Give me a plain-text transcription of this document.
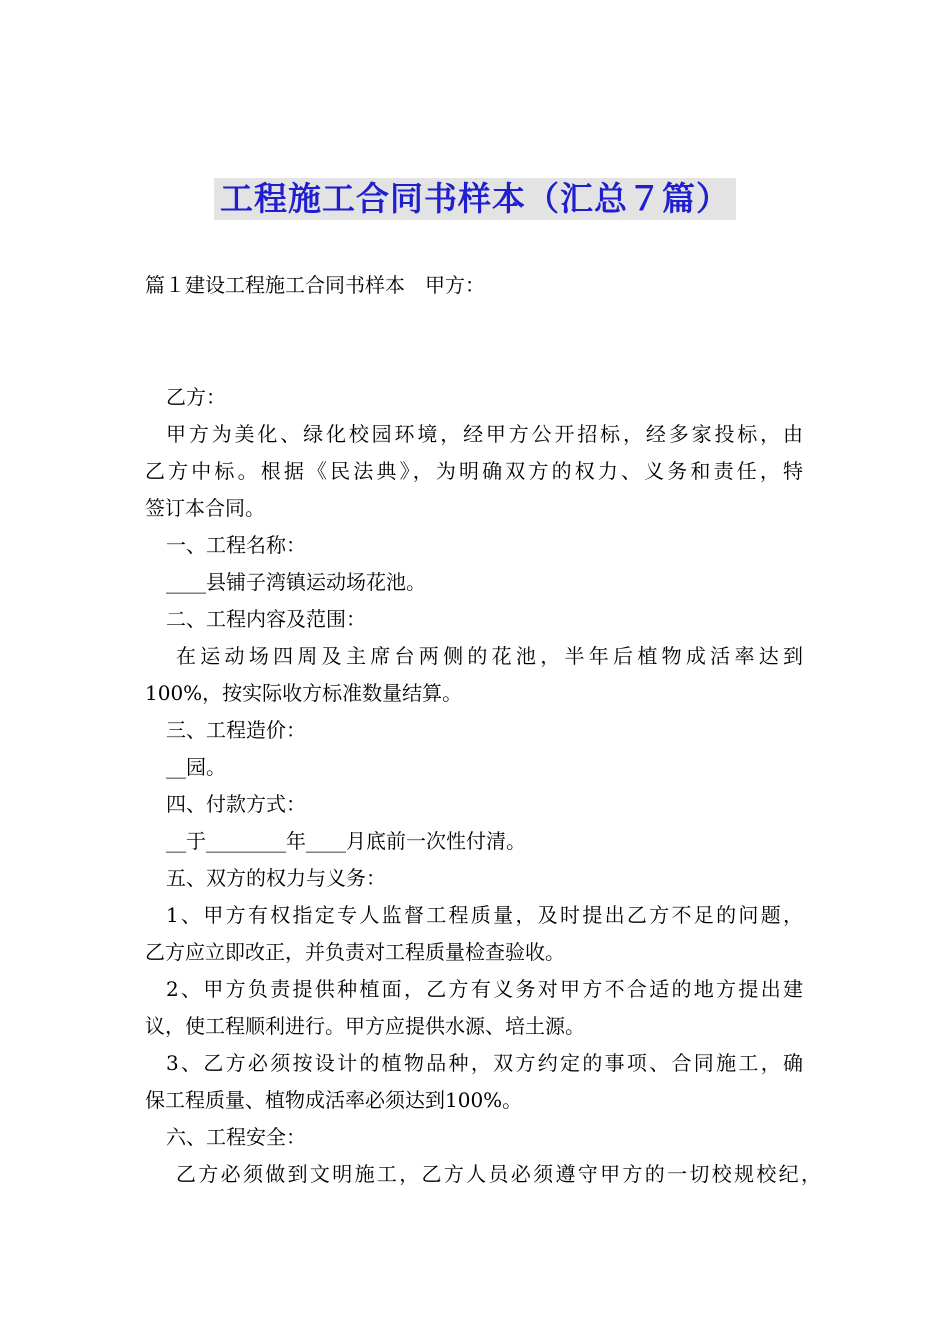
工程施工合同书样本（汇总７篇）
篇１建设工程施工合同书样本　甲方：
乙方：
甲方为美化、绿化校园环境，经甲方公开招标，经多家投标，由
乙方中标。根据《民法典》，为明确双方的权力、义务和责任，特
签订本合同。
一、工程名称：
____县铺子湾镇运动场花池。
二、工程内容及范围：
在运动场四周及主席台两侧的花池，半年后植物成活率达到
100%，按实际收方标准数量结算。
三、工程造价：
__园。
四、付款方式：
__于________年____月底前一次性付清。
五、双方的权力与义务：
1、甲方有权指定专人监督工程质量，及时提出乙方不足的问题，
乙方应立即改正，并负责对工程质量检查验收。
2、甲方负责提供种植面，乙方有义务对甲方不合适的地方提出建
议，使工程顺利进行。甲方应提供水源、培土源。
3、乙方必须按设计的植物品种，双方约定的事项、合同施工，确
保工程质量、植物成活率必须达到100%。
六、工程安全：
乙方必须做到文明施工，乙方人员必须遵守甲方的一切校规校纪，
